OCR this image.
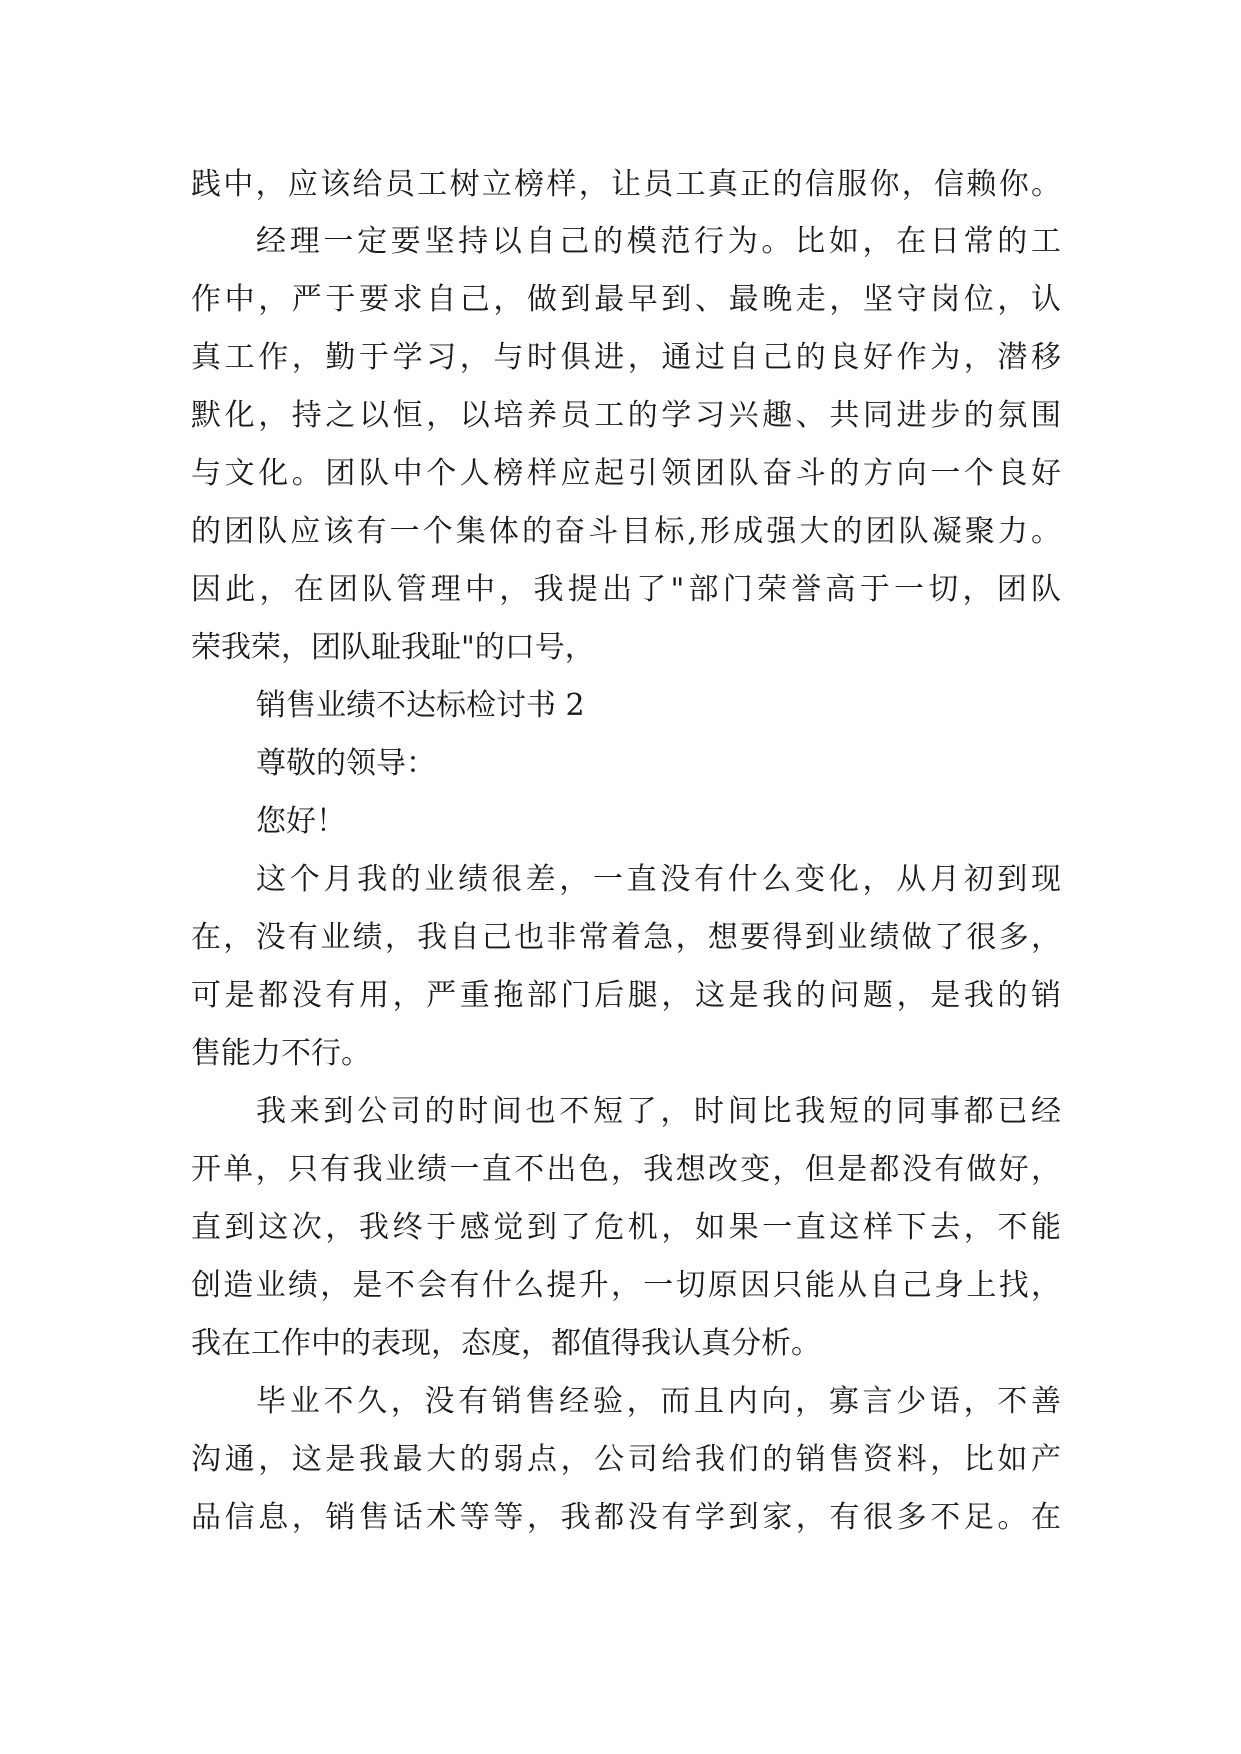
践中，应该给员工树立榜样，让员工真正的信服你，信赖你。
经理一定要坚持以自己的模范行为。比如，在日常的工
作中，严于要求自己，做到最早到、最晚走，坚守岗位，认
真工作，勤于学习，与时俱进，通过自己的良好作为，潜移
默化，持之以恒，以培养员工的学习兴趣、共同进步的氛围
与文化。团队中个人榜样应起引领团队奋斗的方向一个良好
的团队应该有一个集体的奋斗目标,形成强大的团队凝聚力。
因此，在团队管理中，我提出了"部门荣誉高于一切，团队
荣我荣，团队耻我耻"的口号，
销售业绩不达标检讨书 2
尊敬的领导：
您好！
这个月我的业绩很差，一直没有什么变化，从月初到现
在，没有业绩，我自己也非常着急，想要得到业绩做了很多，
可是都没有用，严重拖部门后腿，这是我的问题，是我的销
售能力不行。
我来到公司的时间也不短了，时间比我短的同事都已经
开单，只有我业绩一直不出色，我想改变，但是都没有做好，
直到这次，我终于感觉到了危机，如果一直这样下去，不能
创造业绩，是不会有什么提升，一切原因只能从自己身上找，
我在工作中的表现，态度，都值得我认真分析。
毕业不久，没有销售经验，而且内向，寡言少语，不善
沟通，这是我最大的弱点，公司给我们的销售资料，比如产
品信息，销售话术等等，我都没有学到家，有很多不足。在
